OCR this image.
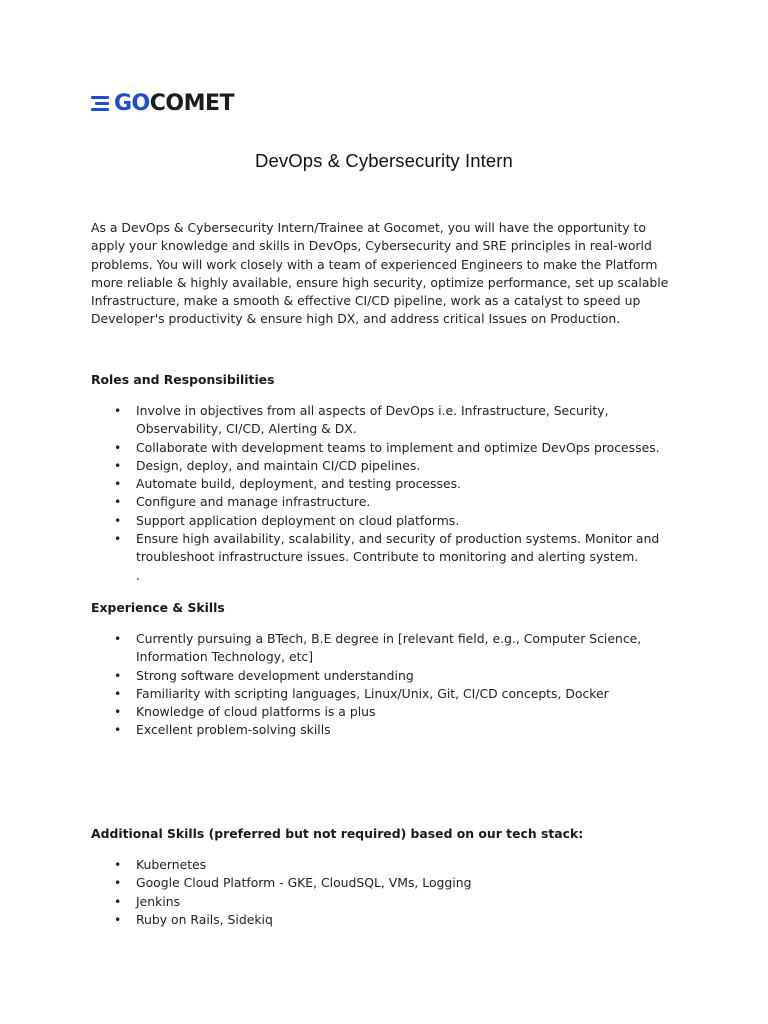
GO COMET
DevOps & Cybersecurity Intern

As a DevOps & Cybersecurity Intern/Trainee at Gocomet, you will have the opportunity to

apply your knowledge and skills in DevOps, Cybersecurity and SRE principles in real-world

problems. You will work closely with a team of experienced Engineers to make the Platform

more reliable & highly available, ensure high security, optimize performance, set up scalable

Infrastructure, make a smooth & effective CI/CD pipeline, work as a catalyst to speed up

Developer's productivity & ensure high DX, and address critical Issues on Production.

Roles and Responsibilities
• Involve in objectives from all aspects of DevOps i.e. Infrastructure, Security,
Observability, CI/CD, Alerting & DX.
• Collaborate with development teams to implement and optimize DevOps processes.
• Design, deploy, and maintain CI/CD pipelines.
• Automate build, deployment, and testing processes.
• Configure and manage infrastructure.
• Support application deployment on cloud platforms.
• Ensure high availability, scalability, and security of production systems. Monitor and
troubleshoot infrastructure issues. Contribute to monitoring and alerting system.
.
Experience & Skills
• Currently pursuing a BTech, B.E degree in [relevant field, e.g., Computer Science,
Information Technology, etc]
• Strong software development understanding
• Familiarity with scripting languages, Linux/Unix, Git, CI/CD concepts, Docker
• Knowledge of cloud platforms is a plus
• Excellent problem-solving skills
Additional Skills (preferred but not required) based on our tech stack:
• Kubernetes
• Google Cloud Platform - GKE, CloudSQL, VMs, Logging
• Jenkins
• Ruby on Rails, Sidekiq
